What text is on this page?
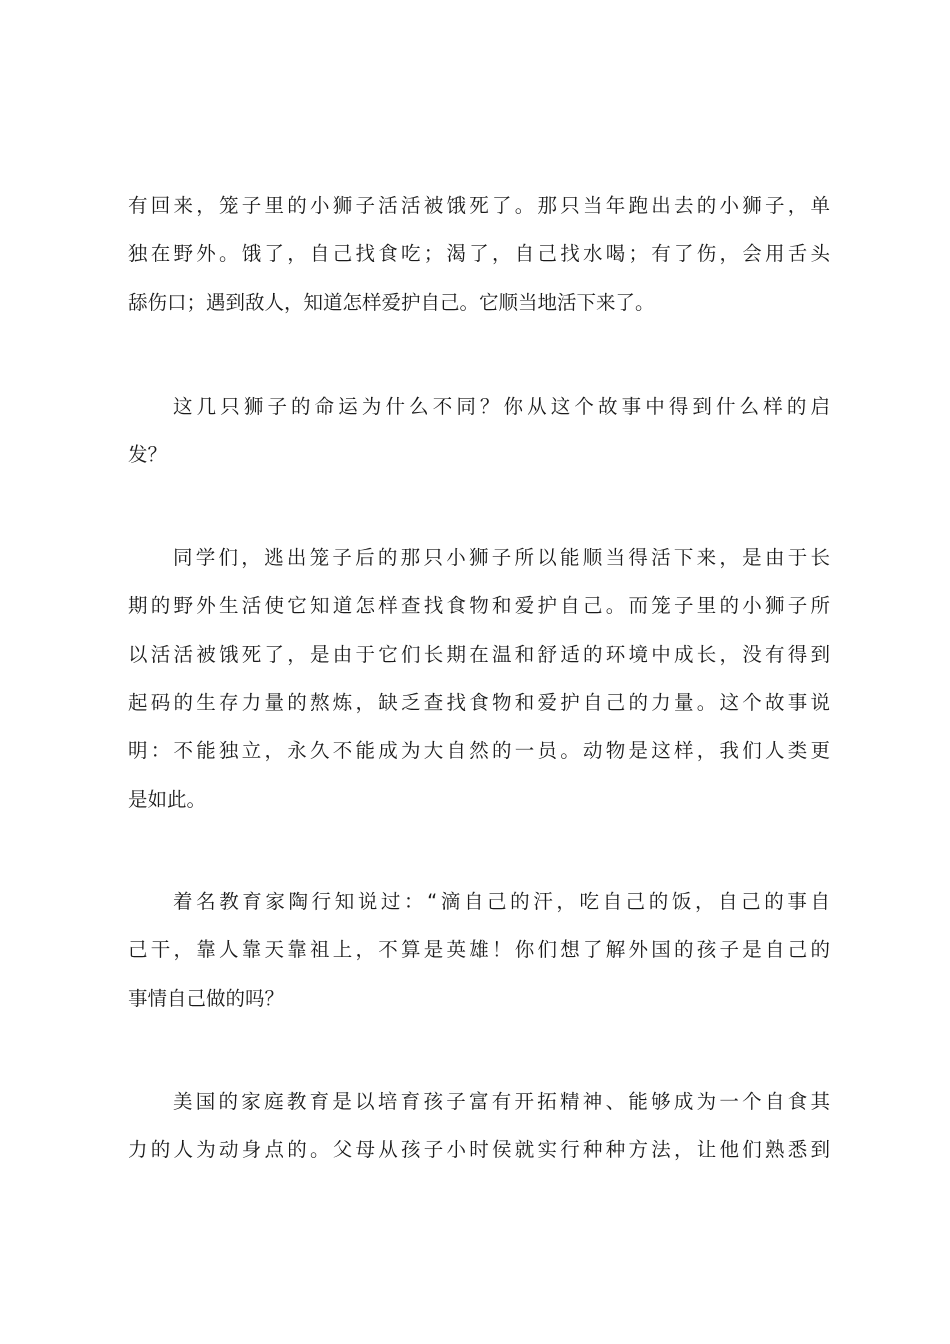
有回来，笼子里的小狮子活活被饿死了。那只当年跑出去的小狮子，单
独在野外。饿了，自己找食吃；渴了，自己找水喝；有了伤，会用舌头
舔伤口；遇到敌人，知道怎样爱护自己。它顺当地活下来了。
这几只狮子的命运为什么不同？你从这个故事中得到什么样的启
发？
同学们，逃出笼子后的那只小狮子所以能顺当得活下来，是由于长
期的野外生活使它知道怎样查找食物和爱护自己。而笼子里的小狮子所
以活活被饿死了，是由于它们长期在温和舒适的环境中成长，没有得到
起码的生存力量的熬炼，缺乏查找食物和爱护自己的力量。这个故事说
明：不能独立，永久不能成为大自然的一员。动物是这样，我们人类更
是如此。
着名教育家陶行知说过：“滴自己的汗，吃自己的饭，自己的事自
己干，靠人靠天靠祖上，不算是英雄！你们想了解外国的孩子是自己的
事情自己做的吗？
美国的家庭教育是以培育孩子富有开拓精神、能够成为一个自食其
力的人为动身点的。父母从孩子小时侯就实行种种方法，让他们熟悉到
